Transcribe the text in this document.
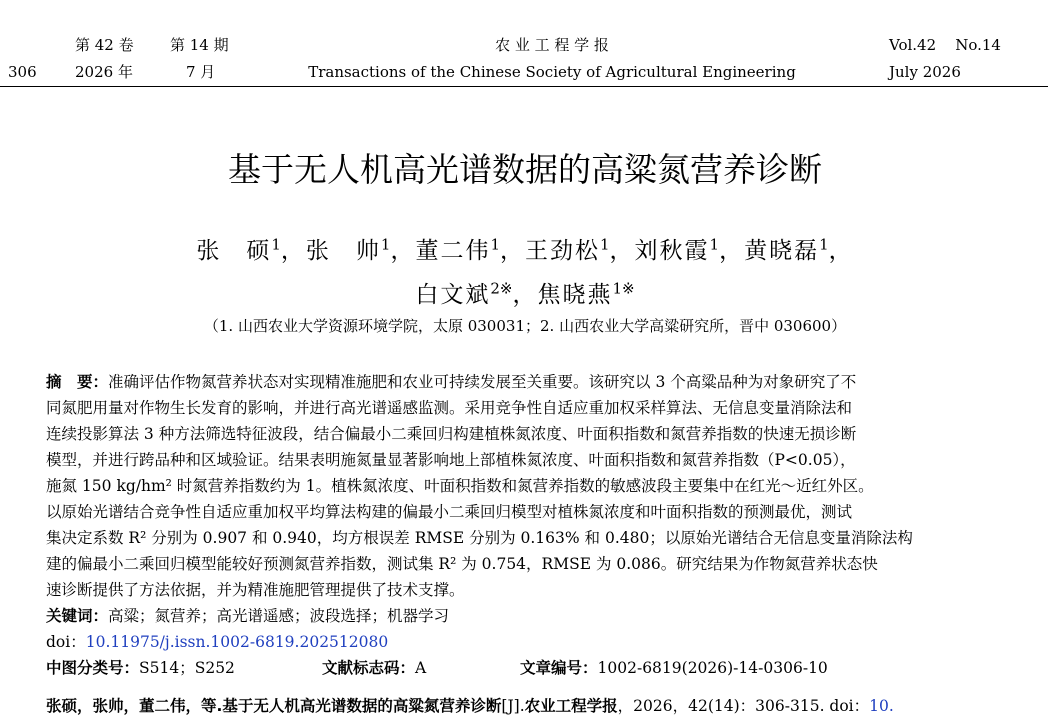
第 42 卷 第 14 期
306	2026 年	7 月
农 业 工 程 学 报
Transactions of the Chinese Society of Agricultural Engineering
Vol.42    No.14
July 2026
基于无人机高光谱数据的高粱氮营养诊断
张　硕$^1$，张　帅$^1$，董二伟$^1$，王劲松$^1$，刘秋霞$^1$，黄晓磊$^1$，
白文斌$^{2※}$，焦晓燕$^{1※}$
（1. 山西农业大学资源环境学院，太原 030031；2. 山西农业大学高粱研究所，晋中 030600）
摘　要：准确评估作物氮营养状态对实现精准施肥和农业可持续发展至关重要。该研究以 3 个高粱品种为对象研究了不
同氮肥用量对作物生长发育的影响，并进行高光谱遥感监测。采用竞争性自适应重加权采样算法、无信息变量消除法和
连续投影算法 3 种方法筛选特征波段，结合偏最小二乘回归构建植株氮浓度、叶面积指数和氮营养指数的快速无损诊断
模型，并进行跨品种和区域验证。结果表明施氮量显著影响地上部植株氮浓度、叶面积指数和氮营养指数（P<0.05），
施氮 150 kg/hm² 时氮营养指数约为 1。植株氮浓度、叶面积指数和氮营养指数的敏感波段主要集中在红光～近红外区。
以原始光谱结合竞争性自适应重加权平均算法构建的偏最小二乘回归模型对植株氮浓度和叶面积指数的预测最优，测试
集决定系数 R² 分别为 0.907 和 0.940，均方根误差 RMSE 分别为 0.163% 和 0.480；以原始光谱结合无信息变量消除法构
建的偏最小二乘回归模型能较好预测氮营养指数，测试集 R² 为 0.754，RMSE 为 0.086。研究结果为作物氮营养状态快
速诊断提供了方法依据，并为精准施肥管理提供了技术支撑。
关键词：高粱；氮营养；高光谱遥感；波段选择；机器学习
doi：10.11975/j.issn.1002-6819.202512080
中图分类号：S514；S252	文献标志码：A	文章编号：1002-6819(2026)-14-0306-10
张硕，张帅，董二伟，等.基于无人机高光谱数据的高粱氮营养诊断[J].农业工程学报，2026，42(14)：306-315. doi：10.
